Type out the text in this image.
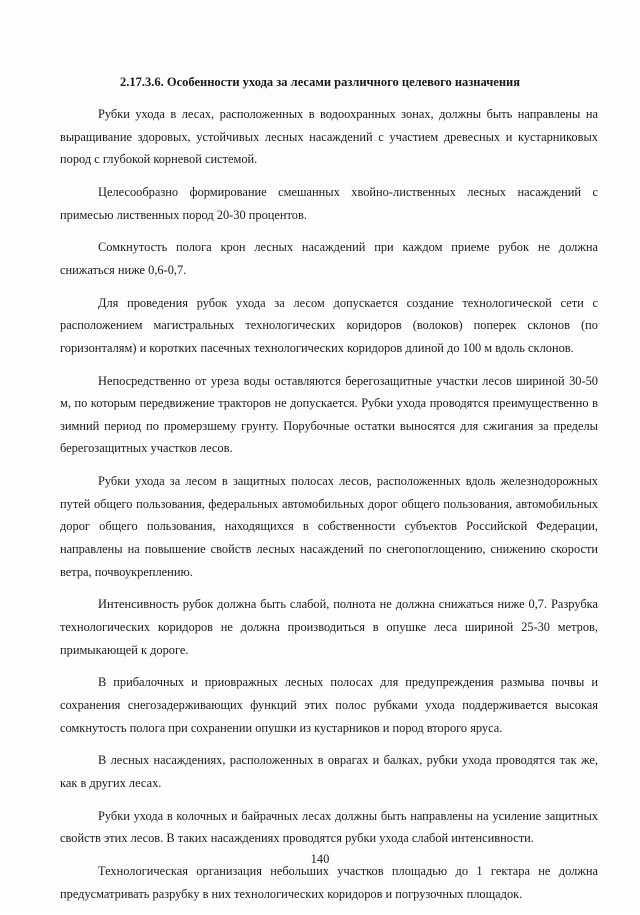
2.17.3.6. Особенности ухода за лесами различного целевого назначения

Рубки ухода в лесах, расположенных в водоохранных зонах, должны быть направлены на выращивание здоровых, устойчивых лесных насаждений с участием древесных и кустарниковых пород с глубокой корневой системой.

Целесообразно формирование смешанных хвойно-лиственных лесных насаждений с примесью лиственных пород 20-30 процентов.

Сомкнутость полога крон лесных насаждений при каждом приеме рубок не должна снижаться ниже 0,6-0,7.

Для проведения рубок ухода за лесом допускается создание технологической сети с расположением магистральных технологических коридоров (волоков) поперек склонов (по горизонталям) и коротких пасечных технологических коридоров длиной до 100 м вдоль склонов.

Непосредственно от уреза воды оставляются берегозащитные участки лесов шириной 30-50 м, по которым передвижение тракторов не допускается. Рубки ухода проводятся преимущественно в зимний период по промерзшему грунту. Порубочные остатки выносятся для сжигания за пределы берегозащитных участков лесов.

Рубки ухода за лесом в защитных полосах лесов, расположенных вдоль железнодорожных путей общего пользования, федеральных автомобильных дорог общего пользования, автомобильных дорог общего пользования, находящихся в собственности субъектов Российской Федерации, направлены на повышение свойств лесных насаждений по снегопоглощению, снижению скорости ветра, почвоукреплению.

Интенсивность рубок должна быть слабой, полнота не должна снижаться ниже 0,7. Разрубка технологических коридоров не должна производиться в опушке леса шириной 25-30 метров, примыкающей к дороге.

В прибалочных и приовражных лесных полосах для предупреждения размыва почвы и сохранения снегозадерживающих функций этих полос рубками ухода поддерживается высокая сомкнутость полога при сохранении опушки из кустарников и пород второго яруса.

В лесных насаждениях, расположенных в оврагах и балках, рубки ухода проводятся так же, как в других лесах.

Рубки ухода в колочных и байрачных лесах должны быть направлены на усиление защитных свойств этих лесов. В таких насаждениях проводятся рубки ухода слабой интенсивности.

Технологическая организация небольших участков площадью до 1 гектара не должна предусматривать разрубку в них технологических коридоров и погрузочных площадок.

140
